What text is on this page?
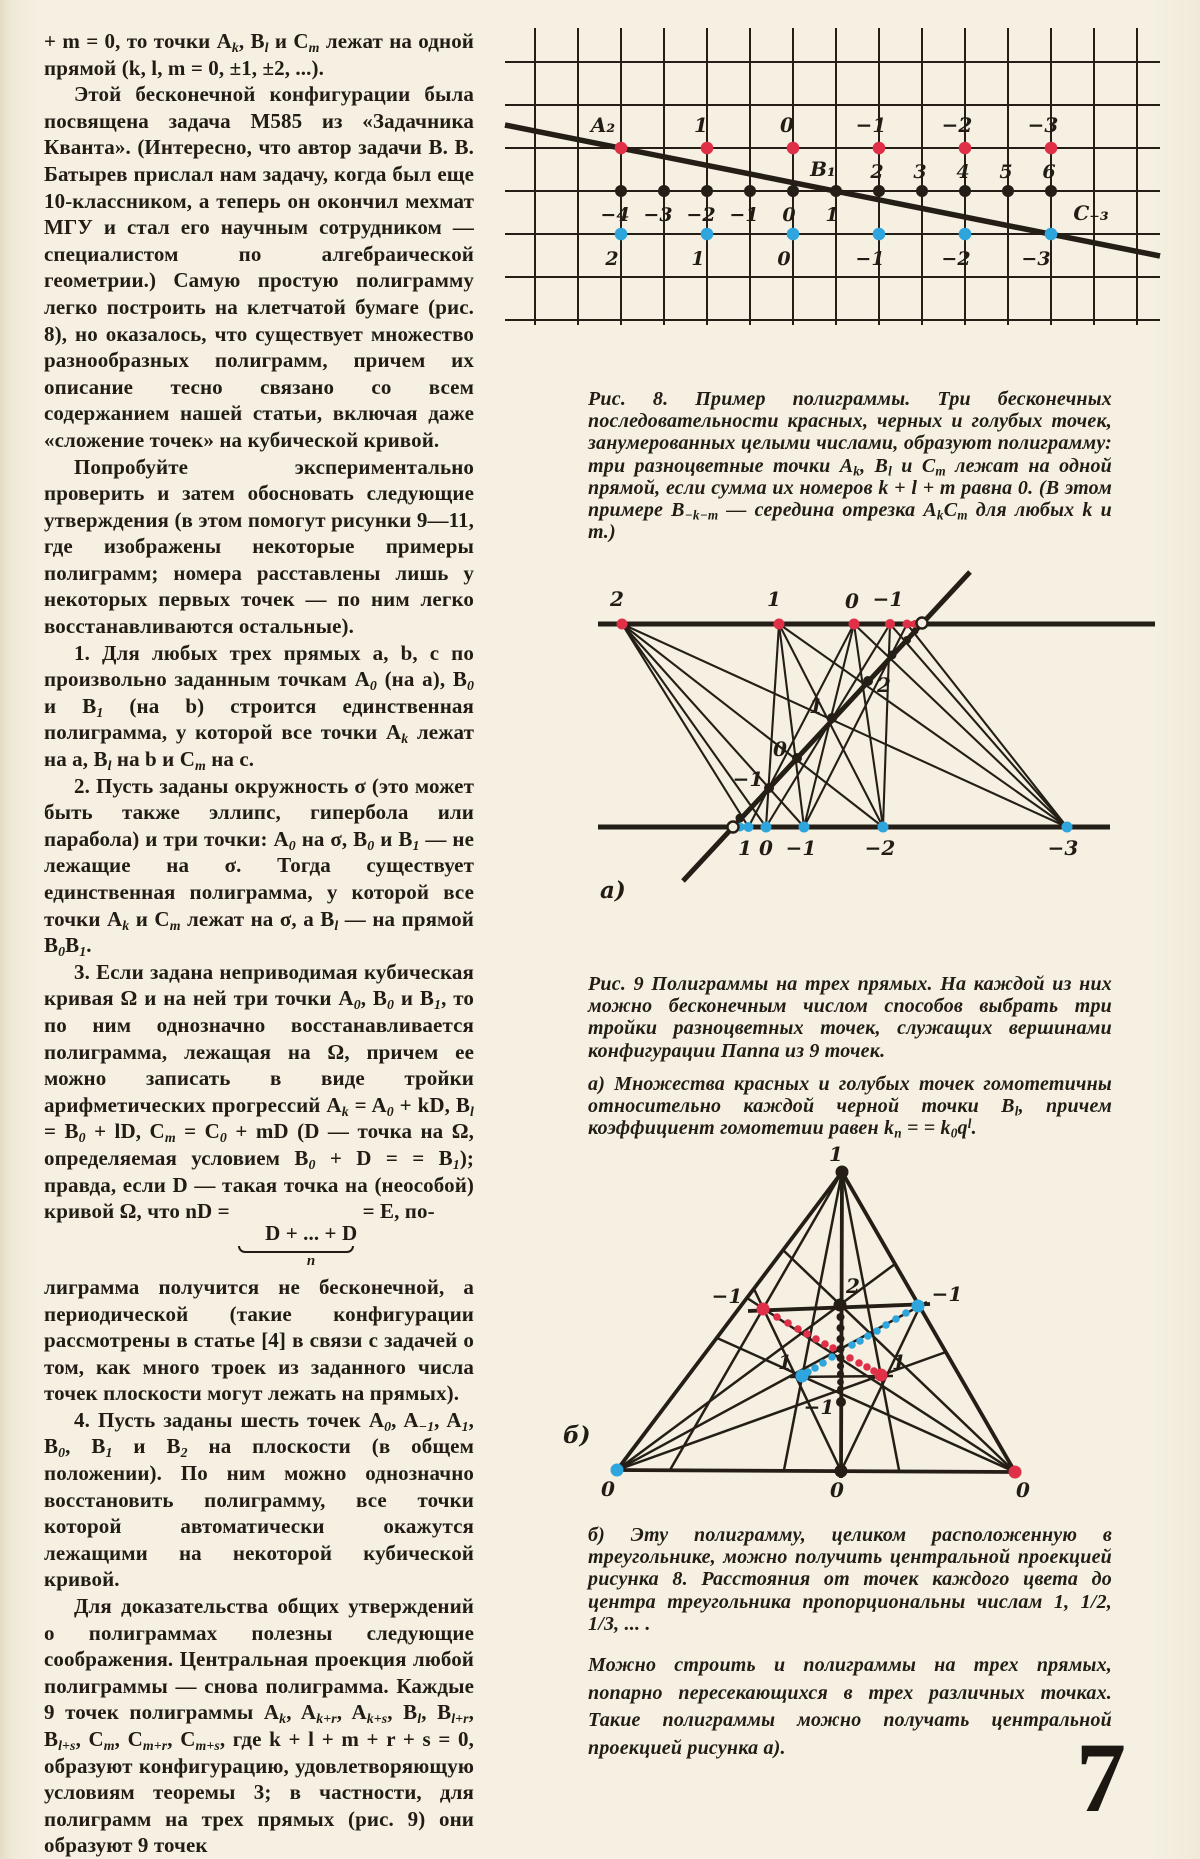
+ m = 0, то точки $A_k$, $B_l$ и $C_m$ лежат на одной прямой (k, l, m = 0, ±1, ±2, ...).

Этой бесконечной конфигурации была посвящена задача М585 из «Задачника Кванта». (Интересно, что автор задачи В. В. Батырев прислал нам задачу, когда был еще 10-классником, а теперь он окончил мехмат МГУ и стал его научным сотрудником — специалистом по алгебраической геометрии.) Самую простую полиграмму легко построить на клетчатой бумаге (рис. 8), но оказалось, что существует множество разнообразных полиграмм, причем их описание тесно связано со всем содержанием нашей статьи, включая даже «сложение точек» на кубической кривой.

Попробуйте экспериментально проверить и затем обосновать следующие утверждения (в этом помогут рисунки 9—11, где изображены некоторые примеры полиграмм; номера расставлены лишь у некоторых первых точек — по ним легко восстанавливаются остальные).

1. Для любых трех прямых a, b, c по произвольно заданным точкам $A_0$ (на a), $B_0$ и $B_1$ (на b) строится единственная полиграмма, у которой все точки $A_k$ лежат на a, $B_l$ на b и $C_m$ на c.

2. Пусть заданы окружность σ (это может быть также эллипс, гипербола или парабола) и три точки: $A_0$ на σ, $B_0$ и $B_1$ — не лежащие на σ. Тогда существует единственная полиграмма, у которой все точки $A_k$ и $C_m$ лежат на σ, а $B_l$ — на прямой $B_0B_1$.

3. Если задана неприводимая кубическая кривая Ω и на ней три точки $A_0$, $B_0$ и $B_1$, то по ним однозначно восстанавливается полиграмма, лежащая на Ω, причем ее можно записать в виде тройки арифметических прогрессий $A_k = A_0$ + kD, $B_l = B_0$ + lD, $C_m = C_0$ + mD (D — точка на Ω, определяемая условием $B_0 + D$ = = $B_1$); правда, если D — такая точка на (неособой) кривой Ω, что nD =
D + ... + D
n
= E, по-

лиграмма получится не бесконечной, а периодической (такие конфигурации рассмотрены в статье [4] в связи с задачей о том, как много троек из заданного числа точек плоскости могут лежать на прямых).

4. Пусть заданы шесть точек $A_0$, $A_{-1}$, $A_1$, $B_0$, $B_1$ и $B_2$ на плоскости (в общем положении). По ним можно однозначно восстановить полиграмму, все точки которой автоматически окажутся лежащими на некоторой кубической кривой.

Для доказательства общих утверждений о полиграммах полезны следующие соображения. Центральная проекция любой полиграммы — снова полиграмма. Каждые 9 точек полиграммы $A_k$, $A_{k+r}$, $A_{k+s}$, $B_l$, $B_{l+r}$, $B_{l+s}$, $C_m$, $C_{m+r}$, $C_{m+s}$, где k + l + m + r + s = 0, образуют конфигурацию, удовлетворяющую условиям теоремы 3; в частности, для полиграмм на трех прямых (рис. 9) они образуют 9 точек

A₂	1	0	−1	−2	−3
−4 −3 −2 −1 0 1
B₁ 2 3 4 5 6
C₋₃
2	1	0	−1	−2	−3

Рис. 8. Пример полиграммы. Три бесконечных последовательности красных, черных и голубых точек, занумерованных целыми числами, образуют полиграмму: три разноцветные точки $A_k$, $B_l$ и $C_m$ лежат на одной прямой, если сумма их номеров k + l + m равна 0. (В этом примере $B_{-k-m}$ — середина отрезка $A_kC_m$ для любых k и m.)

2	1	0 −1
−1
0
1
2
1 0 −1 −2	−3
а)

Рис. 9 Полиграммы на трех прямых. На каждой из них можно бесконечным числом способов выбрать три тройки разноцветных точек, служащих вершинами конфигурации Паппа из 9 точек.

а) Множества красных и голубых точек гомотетичны относительно каждой черной точки $B_l$, причем коэффициент гомотетии равен $k_n$ = = $k_0q^l$.

1
−1	2	−1
1	1
−1
0	0	0
б)

б) Эту полиграмму, целиком расположенную в треугольнике, можно получить центральной проекцией рисунка 8. Расстояния от точек каждого цвета до центра треугольника пропорциональны числам 1, 1/2, 1/3, ... .

Можно строить и полиграммы на трех прямых, попарно пересекающихся в трех различных точках. Такие полиграммы можно получать центральной проекцией рисунка а).	7
